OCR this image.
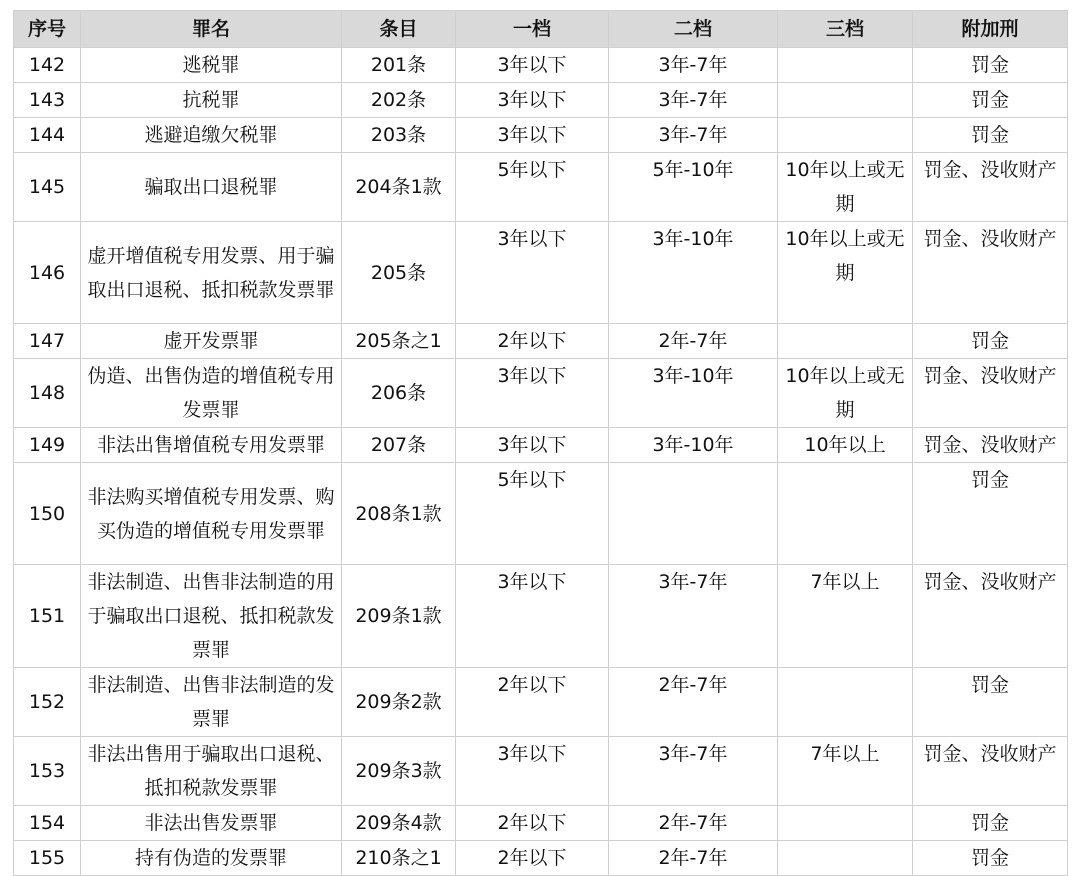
序号	罪名	条目	一档	二档	三档	附加刑
142	逃税罪	201条	3年以下	3年-7年		罚金
143	抗税罪	202条	3年以下	3年-7年		罚金
144	逃避追缴欠税罪	203条	3年以下	3年-7年		罚金
145	骗取出口退税罪	204条1款	5年以下	5年-10年	10年以上或无期	罚金、没收财产
146	虚开增值税专用发票、用于骗取出口退税、抵扣税款发票罪	205条	3年以下	3年-10年	10年以上或无期	罚金、没收财产
147	虚开发票罪	205条之1	2年以下	2年-7年		罚金
148	伪造、出售伪造的增值税专用发票罪	206条	3年以下	3年-10年	10年以上或无期	罚金、没收财产
149	非法出售增值税专用发票罪	207条	3年以下	3年-10年	10年以上	罚金、没收财产
150	非法购买增值税专用发票、购买伪造的增值税专用发票罪	208条1款	5年以下			罚金
151	非法制造、出售非法制造的用于骗取出口退税、抵扣税款发票罪	209条1款	3年以下	3年-7年	7年以上	罚金、没收财产
152	非法制造、出售非法制造的发票罪	209条2款	2年以下	2年-7年		罚金
153	非法出售用于骗取出口退税、抵扣税款发票罪	209条3款	3年以下	3年-7年	7年以上	罚金、没收财产
154	非法出售发票罪	209条4款	2年以下	2年-7年		罚金
155	持有伪造的发票罪	210条之1	2年以下	2年-7年		罚金
